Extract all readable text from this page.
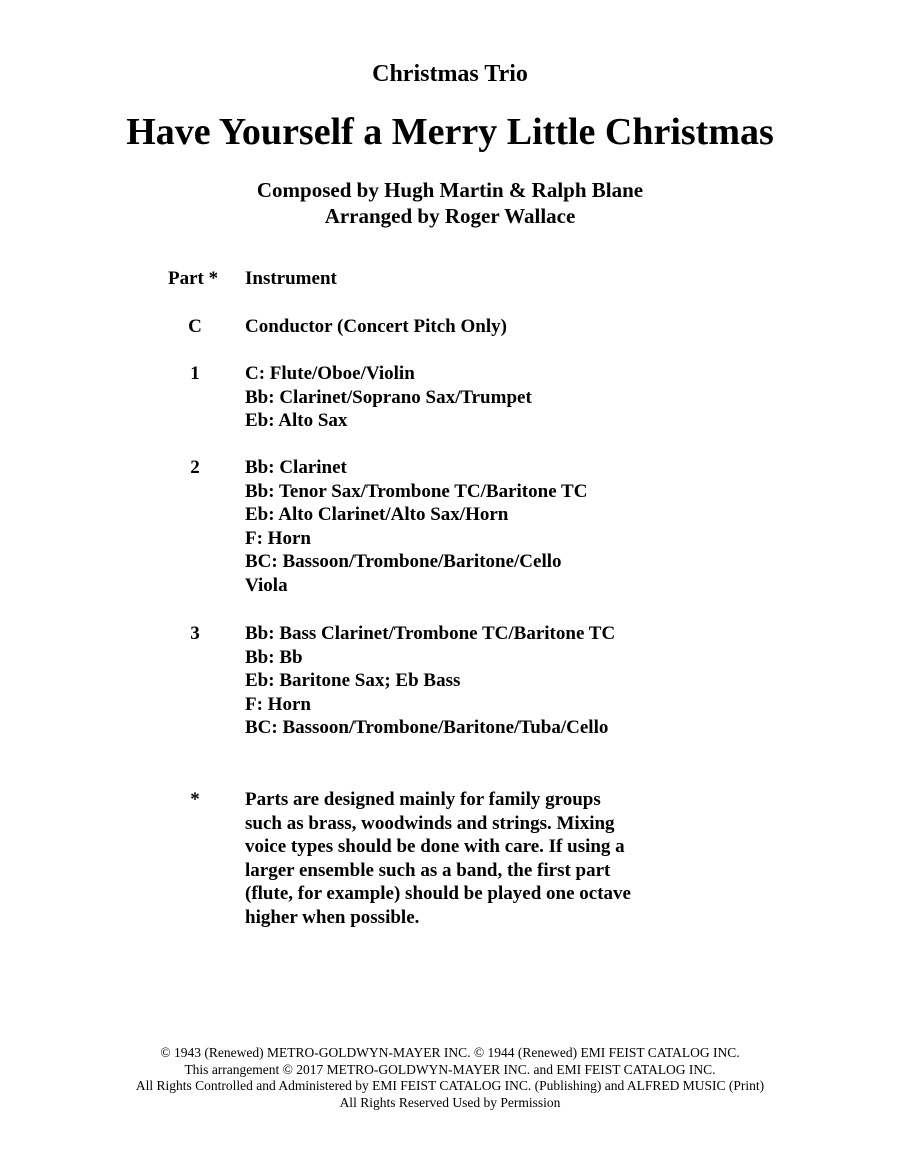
Christmas Trio
Have Yourself a Merry Little Christmas
Composed by Hugh Martin & Ralph Blane
Arranged by Roger Wallace
Part * Instrument
C	Conductor (Concert Pitch Only)
1	C: Flute/Oboe/Violin
Bb: Clarinet/Soprano Sax/Trumpet
Eb: Alto Sax
2	Bb: Clarinet
Bb: Tenor Sax/Trombone TC/Baritone TC
Eb: Alto Clarinet/Alto Sax/Horn
F: Horn
BC: Bassoon/Trombone/Baritone/Cello
Viola
3	Bb: Bass Clarinet/Trombone TC/Baritone TC
Bb: Bb
Eb: Baritone Sax; Eb Bass
F: Horn
BC: Bassoon/Trombone/Baritone/Tuba/Cello
*	Parts are designed mainly for family groups
such as brass, woodwinds and strings. Mixing
voice types should be done with care. If using a
larger ensemble such as a band, the first part
(flute, for example) should be played one octave
higher when possible.
© 1943 (Renewed) METRO-GOLDWYN-MAYER INC. © 1944 (Renewed) EMI FEIST CATALOG INC.
This arrangement © 2017 METRO-GOLDWYN-MAYER INC. and EMI FEIST CATALOG INC.
All Rights Controlled and Administered by EMI FEIST CATALOG INC. (Publishing) and ALFRED MUSIC (Print)
All Rights Reserved Used by Permission
